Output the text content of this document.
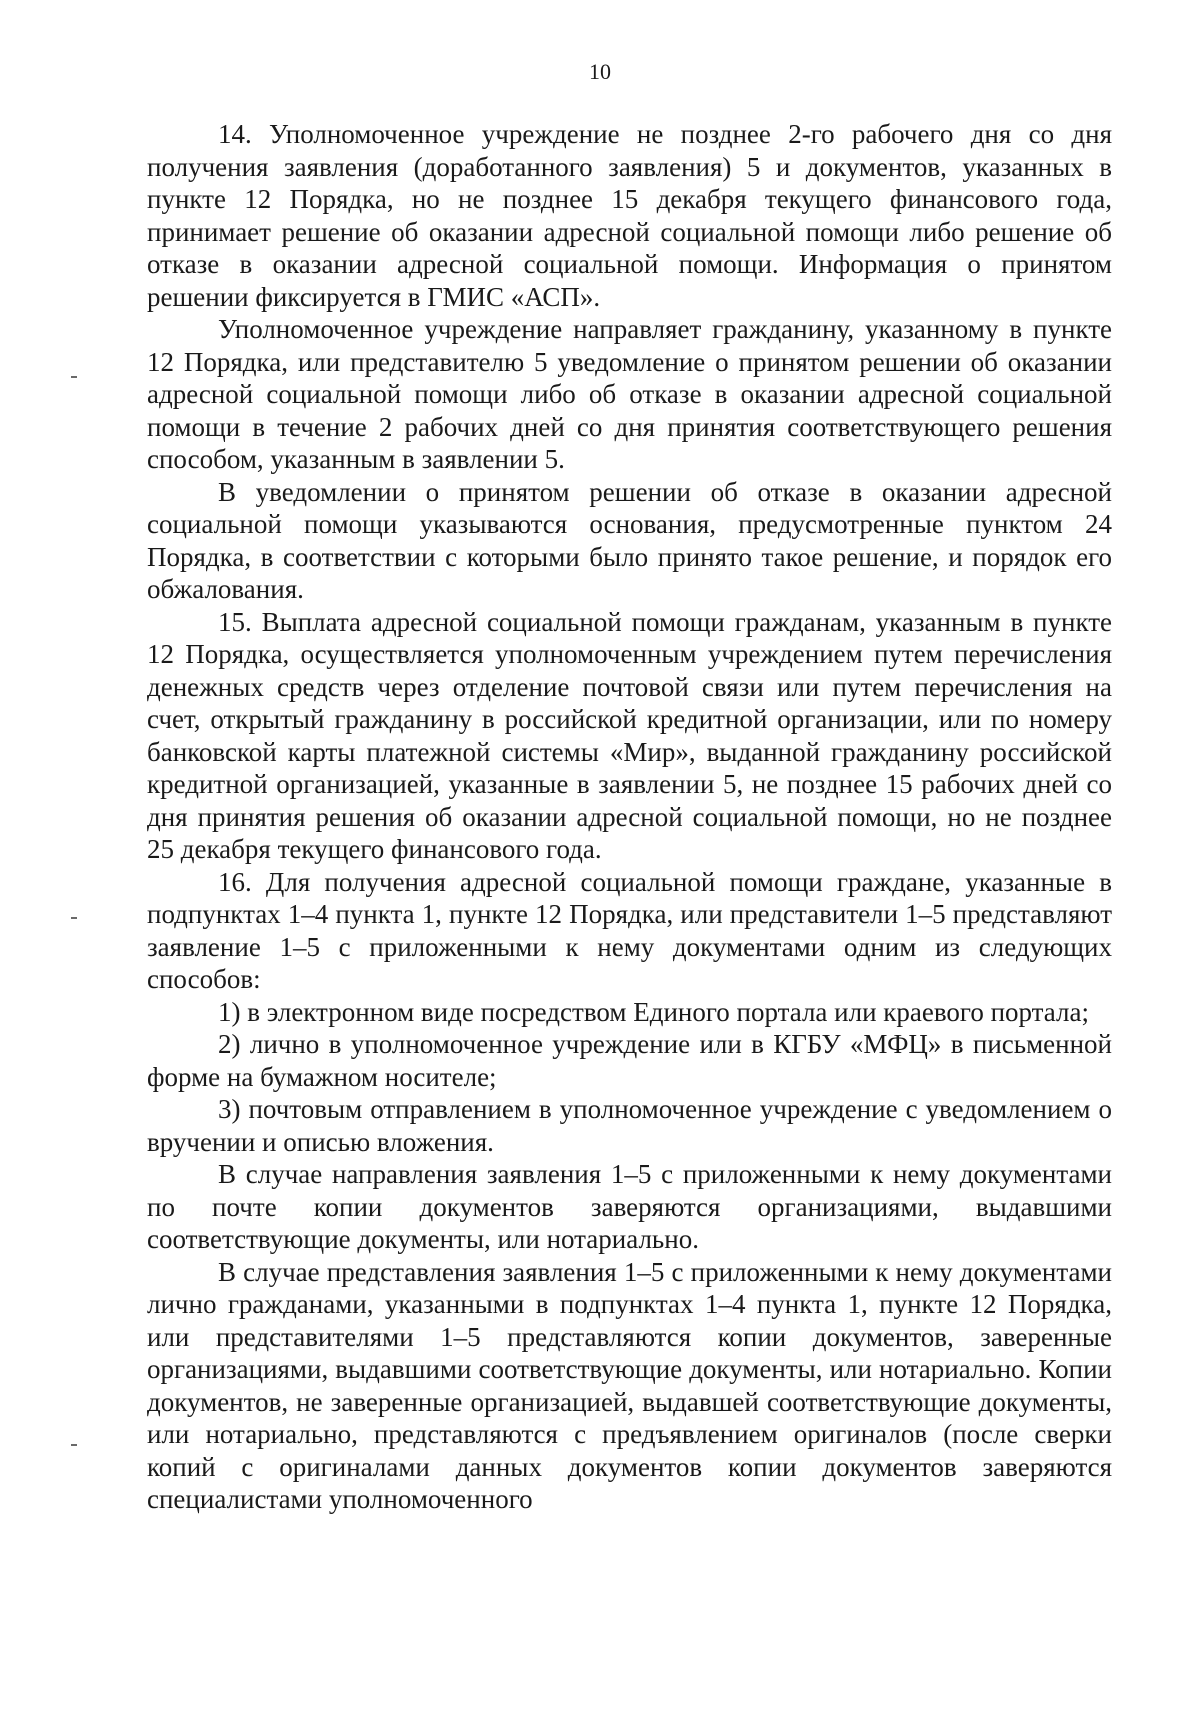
10

14. Уполномоченное учреждение не позднее 2-го рабочего дня со дня получения заявления (доработанного заявления) 5 и документов, указанных в пункте 12 Порядка, но не позднее 15 декабря текущего финансового года, принимает решение об оказании адресной социальной помощи либо решение об отказе в оказании адресной социальной помощи. Информация о принятом решении фиксируется в ГМИС «АСП».

Уполномоченное учреждение направляет гражданину, указанному в пункте 12 Порядка, или представителю 5 уведомление о принятом решении об оказании адресной социальной помощи либо об отказе в оказании адресной социальной помощи в течение 2 рабочих дней со дня принятия соответствующего решения способом, указанным в заявлении 5.

В уведомлении о принятом решении об отказе в оказании адресной социальной помощи указываются основания, предусмотренные пунктом 24 Порядка, в соответствии с которыми было принято такое решение, и порядок его обжалования.

15. Выплата адресной социальной помощи гражданам, указанным в пункте 12 Порядка, осуществляется уполномоченным учреждением путем перечисления денежных средств через отделение почтовой связи или путем перечисления на счет, открытый гражданину в российской кредитной организации, или по номеру банковской карты платежной системы «Мир», выданной гражданину российской кредитной организацией, указанные в заявлении 5, не позднее 15 рабочих дней со дня принятия решения об оказании адресной социальной помощи, но не позднее 25 декабря текущего финансового года.

16. Для получения адресной социальной помощи граждане, указанные в подпунктах 1–4 пункта 1, пункте 12 Порядка, или представители 1–5 представляют заявление 1–5 с приложенными к нему документами одним из следующих способов:

1) в электронном виде посредством Единого портала или краевого портала;

2) лично в уполномоченное учреждение или в КГБУ «МФЦ» в письменной форме на бумажном носителе;

3) почтовым отправлением в уполномоченное учреждение с уведомлением о вручении и описью вложения.

В случае направления заявления 1–5 с приложенными к нему документами по почте копии документов заверяются организациями, выдавшими соответствующие документы, или нотариально.

В случае представления заявления 1–5 с приложенными к нему документами лично гражданами, указанными в подпунктах 1–4 пункта 1, пункте 12 Порядка, или представителями 1–5 представляются копии документов, заверенные организациями, выдавшими соответствующие документы, или нотариально. Копии документов, не заверенные организацией, выдавшей соответствующие документы, или нотариально, представляются с предъявлением оригиналов (после сверки копий с оригиналами данных документов копии документов заверяются специалистами уполномоченного
